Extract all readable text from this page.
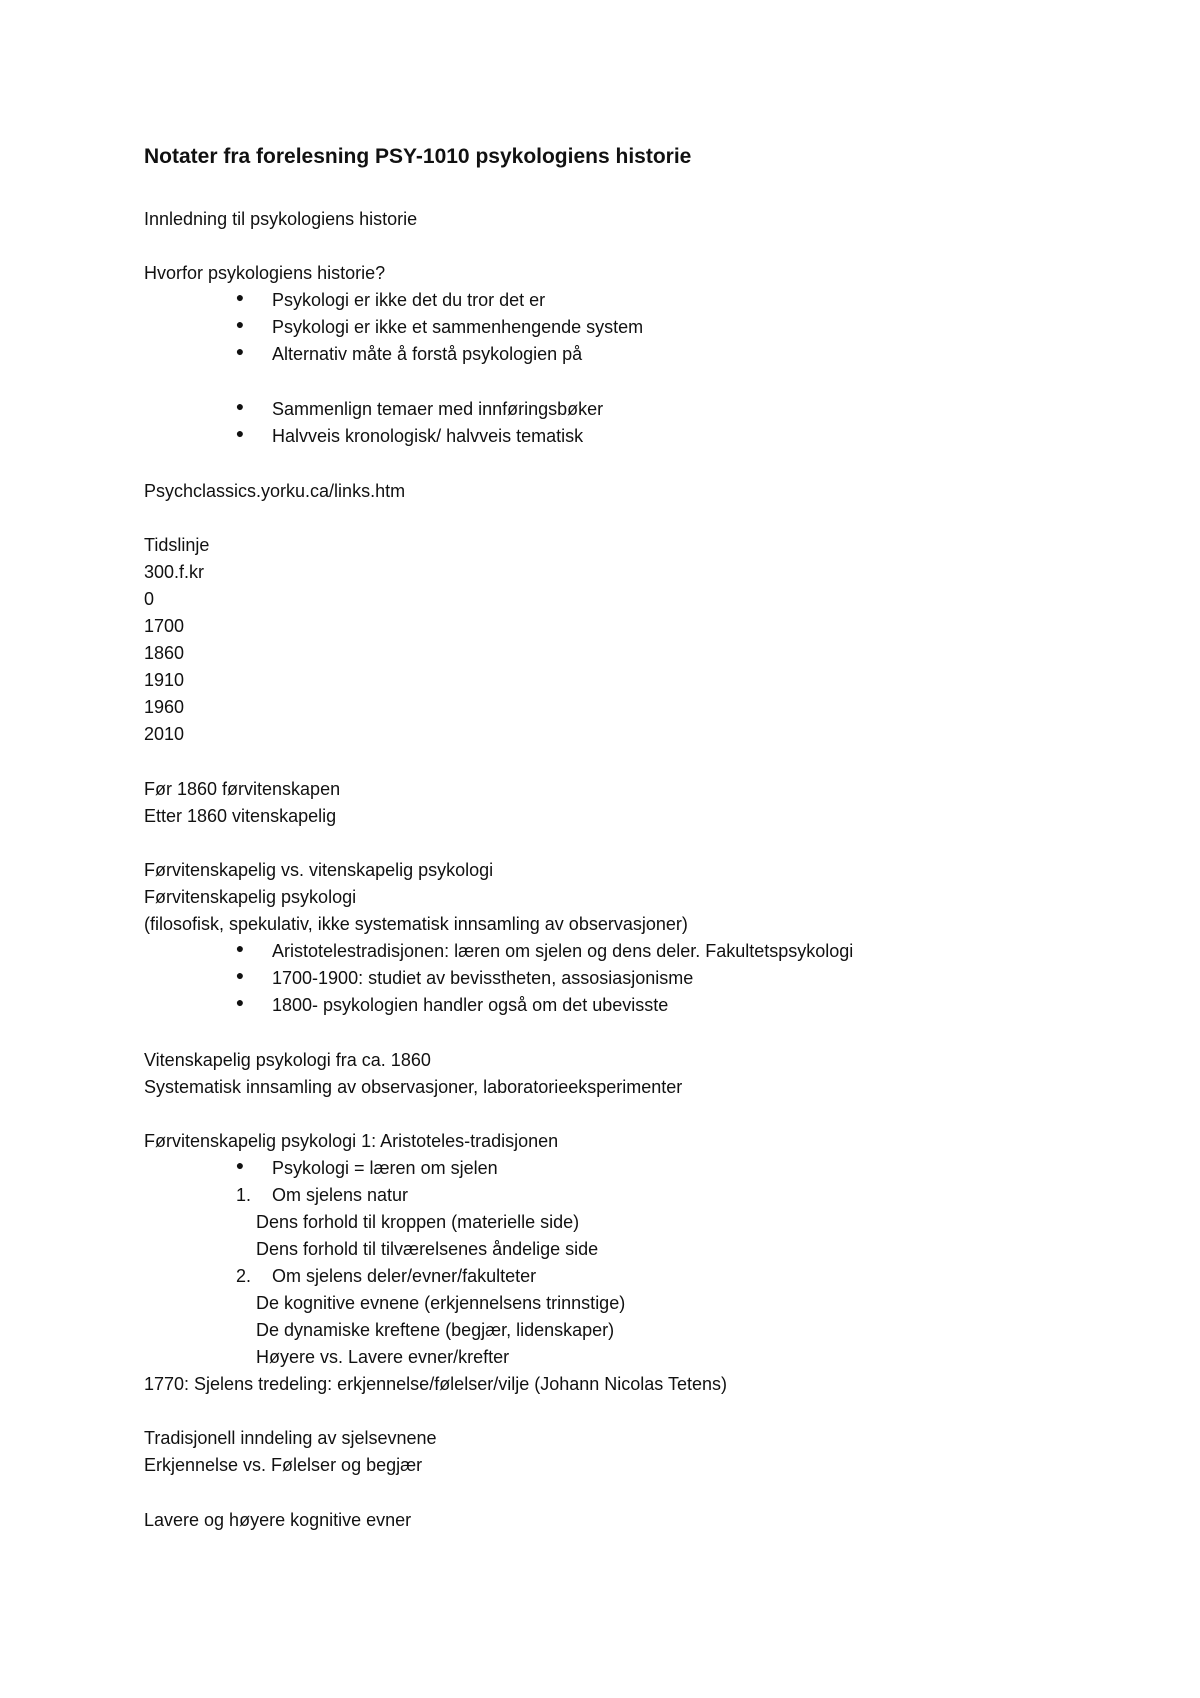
Notater fra forelesning PSY-1010 psykologiens historie
Innledning til psykologiens historie
Hvorfor psykologiens historie?
● Psykologi er ikke det du tror det er
● Psykologi er ikke et sammenhengende system
● Alternativ måte å forstå psykologien på
● Sammenlign temaer med innføringsbøker
● Halvveis kronologisk/ halvveis tematisk
Psychclassics.yorku.ca/links.htm
Tidslinje
300.f.kr
0
1700
1860
1910
1960
2010
Før 1860 førvitenskapen
Etter 1860 vitenskapelig
Førvitenskapelig vs. vitenskapelig psykologi
Førvitenskapelig psykologi
(filosofisk, spekulativ, ikke systematisk innsamling av observasjoner)
● Aristotelestradisjonen: læren om sjelen og dens deler. Fakultetspsykologi
● 1700-1900: studiet av bevisstheten, assosiasjonisme
● 1800- psykologien handler også om det ubevisste
Vitenskapelig psykologi fra ca. 1860
Systematisk innsamling av observasjoner, laboratorieeksperimenter
Førvitenskapelig psykologi 1: Aristoteles-tradisjonen
● Psykologi = læren om sjelen
1. Om sjelens natur
Dens forhold til kroppen (materielle side)
Dens forhold til tilværelsenes åndelige side
2. Om sjelens deler/evner/fakulteter
De kognitive evnene (erkjennelsens trinnstige)
De dynamiske kreftene (begjær, lidenskaper)
Høyere vs. Lavere evner/krefter
1770: Sjelens tredeling: erkjennelse/følelser/vilje (Johann Nicolas Tetens)
Tradisjonell inndeling av sjelsevnene
Erkjennelse vs. Følelser og begjær
Lavere og høyere kognitive evner
